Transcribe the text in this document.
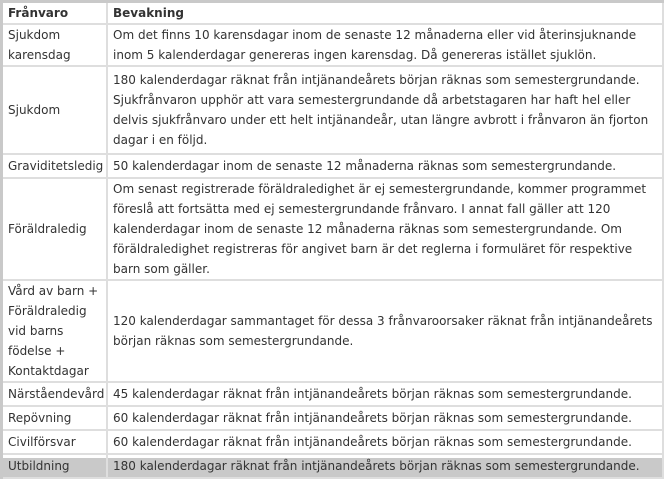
Frånvaro	Bevakning
Sjukdom karensdag	Om det finns 10 karensdagar inom de senaste 12 månaderna eller vid återinsjuknande inom 5 kalenderdagar genereras ingen karensdag. Då genereras istället sjuklön.
Sjukdom	180 kalenderdagar räknat från intjänandeårets början räknas som semestergrundande. Sjukfrånvaron upphör att vara semestergrundande då arbetstagaren har haft hel eller delvis sjukfrånvaro under ett helt intjänandeår, utan längre avbrott i frånvaron än fjorton dagar i en följd.
Graviditetsledig	50 kalenderdagar inom de senaste 12 månaderna räknas som semestergrundande.
Föräldraledig	Om senast registrerade föräldraledighet är ej semestergrundande, kommer programmet föreslå att fortsätta med ej semestergrundande frånvaro. I annat fall gäller att 120 kalenderdagar inom de senaste 12 månaderna räknas som semestergrundande. Om föräldraledighet registreras för angivet barn är det reglerna i formuläret för respektive barn som gäller.
Vård av barn + Föräldraledig vid barns födelse + Kontaktdagar	120 kalenderdagar sammantaget för dessa 3 frånvaroorsaker räknat från intjänandeårets början räknas som semestergrundande.
Närståendevård	45 kalenderdagar räknat från intjänandeårets början räknas som semestergrundande.
Repövning	60 kalenderdagar räknat från intjänandeårets början räknas som semestergrundande.
Civilförsvar	60 kalenderdagar räknat från intjänandeårets början räknas som semestergrundande.
Utbildning	180 kalenderdagar räknat från intjänandeårets början räknas som semestergrundande.
